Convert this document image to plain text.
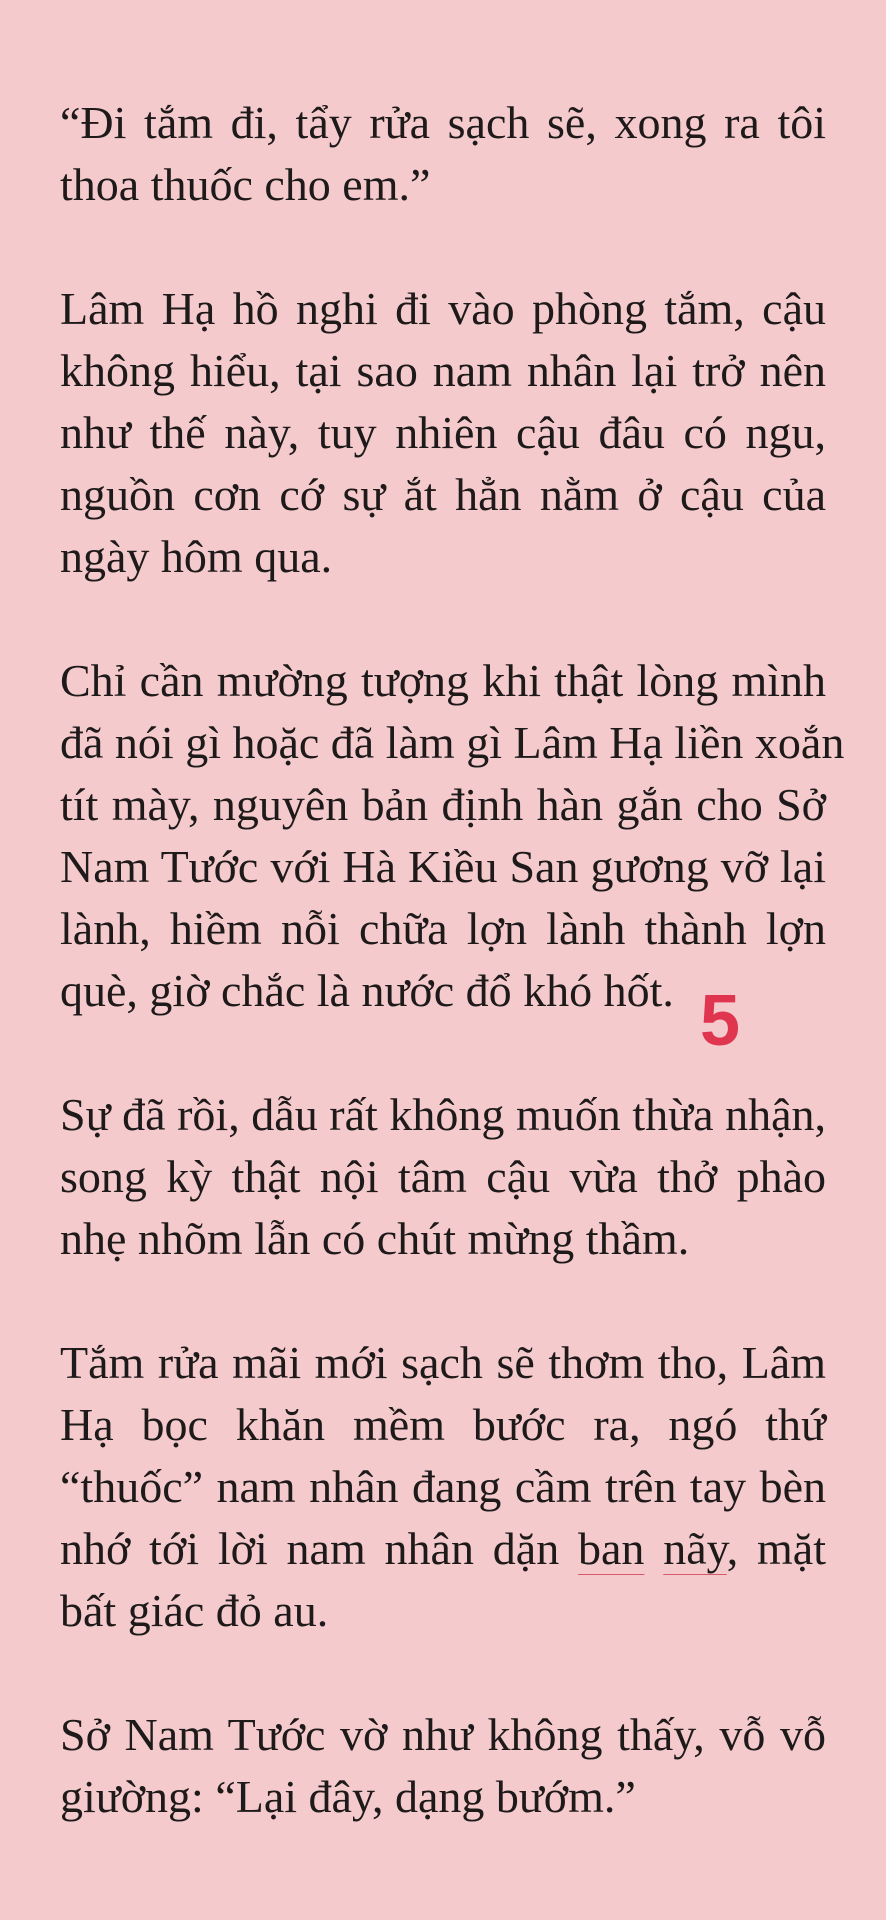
“Đi tắm đi, tẩy rửa sạch sẽ, xong ra tôi
thoa thuốc cho em.”
Lâm Hạ hồ nghi đi vào phòng tắm, cậu
không hiểu, tại sao nam nhân lại trở nên
như thế này, tuy nhiên cậu đâu có ngu,
nguồn cơn cớ sự ắt hẳn nằm ở cậu của
ngày hôm qua.
Chỉ cần mường tượng khi thật lòng mình
đã nói gì hoặc đã làm gì Lâm Hạ liền xoắn
tít mày, nguyên bản định hàn gắn cho Sở
Nam Tước với Hà Kiều San gương vỡ lại
lành, hiềm nỗi chữa lợn lành thành lợn
què, giờ chắc là nước đổ khó hốt.
Sự đã rồi, dẫu rất không muốn thừa nhận,
song kỳ thật nội tâm cậu vừa thở phào
nhẹ nhõm lẫn có chút mừng thầm.
Tắm rửa mãi mới sạch sẽ thơm tho, Lâm
Hạ bọc khăn mềm bước ra, ngó thứ
“thuốc” nam nhân đang cầm trên tay bèn
nhớ tới lời nam nhân dặn ban nãy, mặt
bất giác đỏ au.
Sở Nam Tước vờ như không thấy, vỗ vỗ
giường: “Lại đây, dạng bướm.”
5
